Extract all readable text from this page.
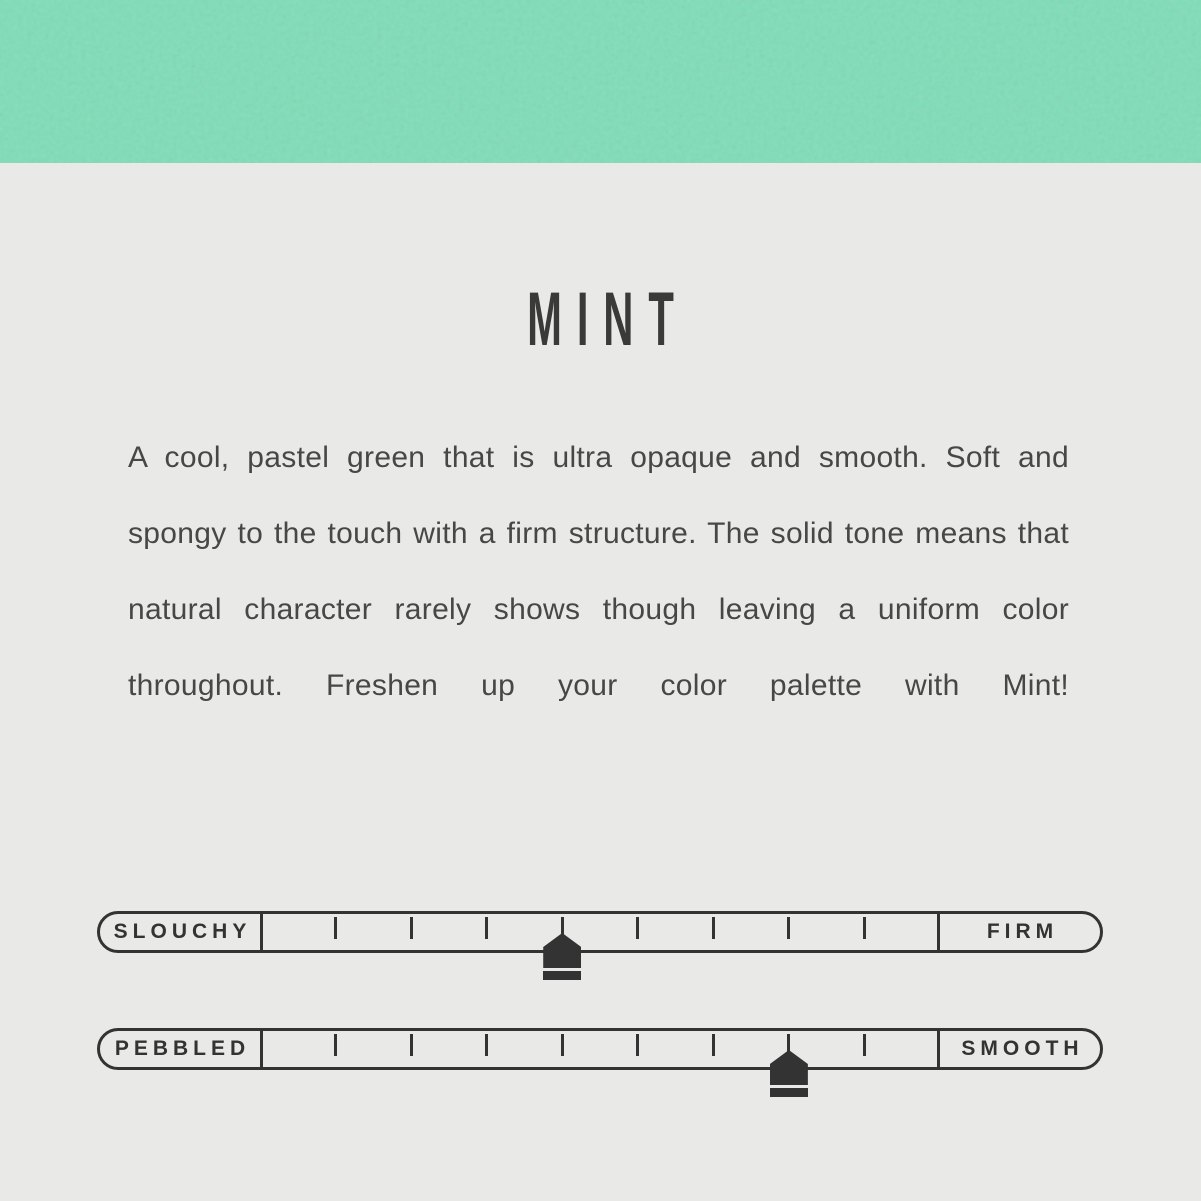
MINT

A cool, pastel green that is ultra opaque and smooth. Soft and spongy to the touch with a firm structure. The solid tone means that natural character rarely shows though leaving a uniform color throughout. Freshen up your color palette with Mint!

SLOUCHY	FIRM
PEBBLED	SMOOTH
